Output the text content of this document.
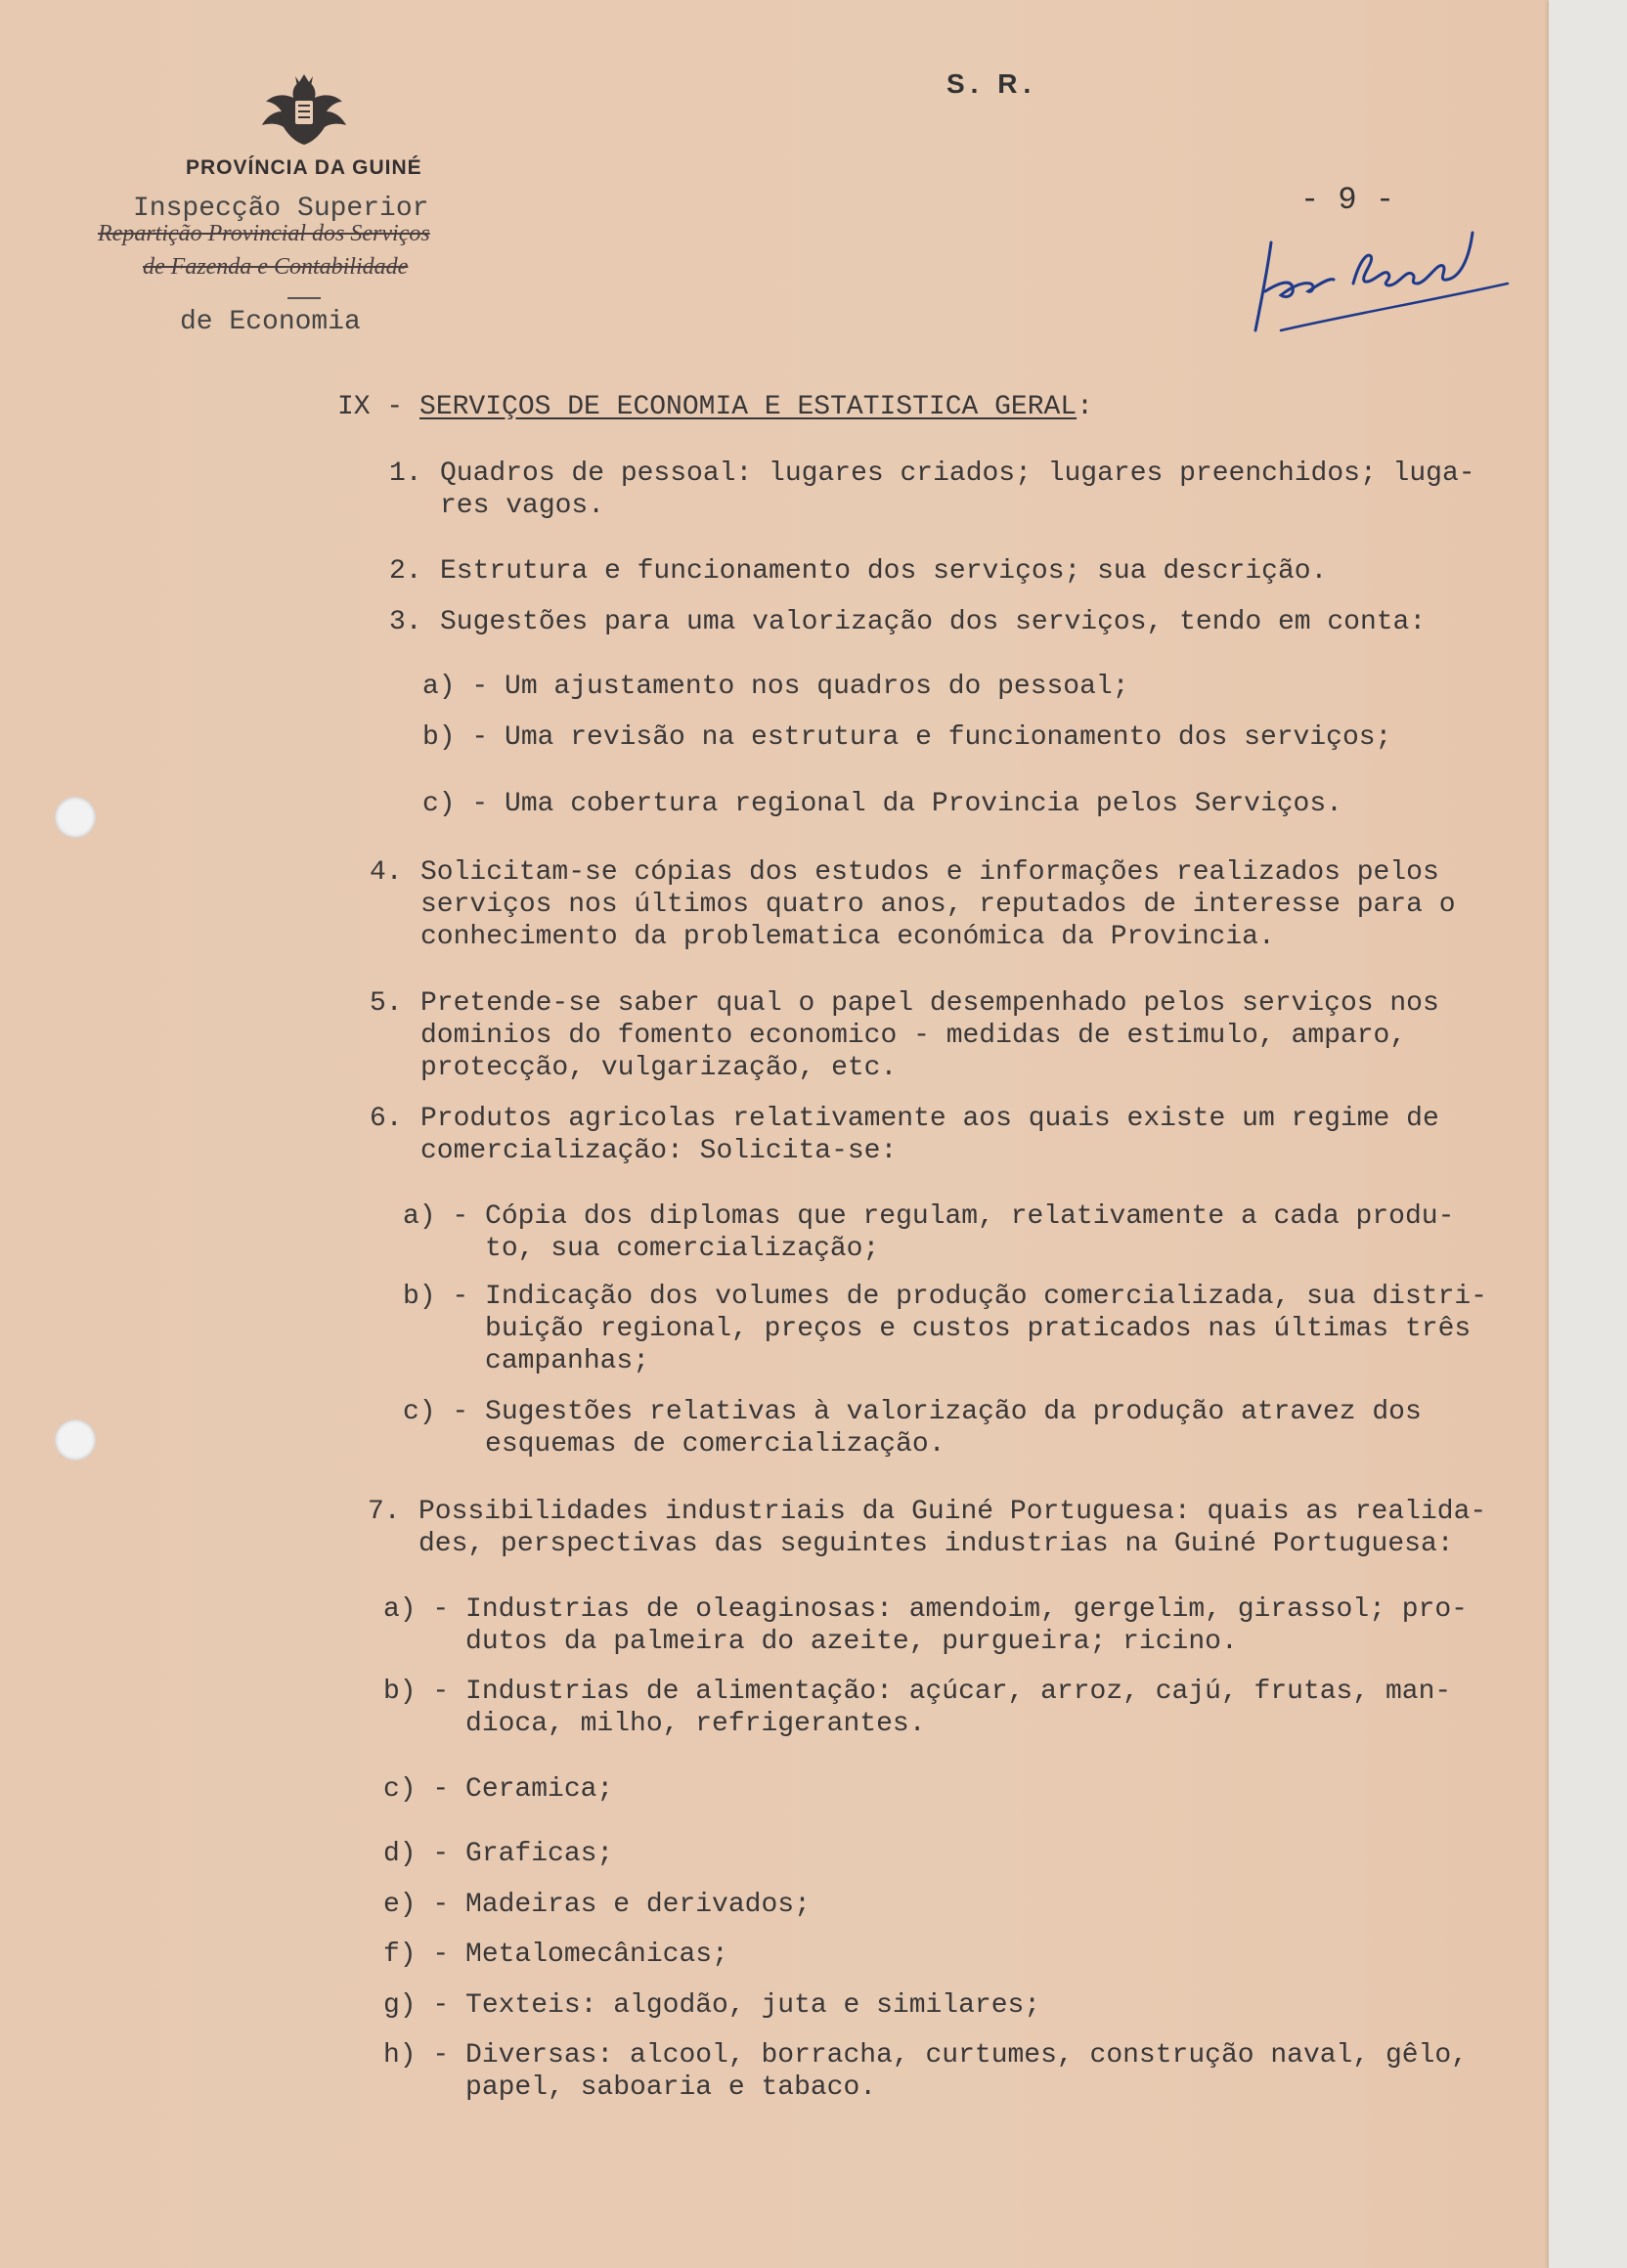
PROVÍNCIA DA GUINÉ
Inspecção Superior
Repartição Provincial dos Serviços
de Fazenda e Contabilidade
de Economia
S. R.
- 9 -
IX - SERVIÇOS DE ECONOMIA E ESTATISTICA GERAL:
1. Quadros de pessoal: lugares criados; lugares preenchidos; luga-
res vagos.
2. Estrutura e funcionamento dos serviços; sua descrição.
3. Sugestões para uma valorização dos serviços, tendo em conta:
a) - Um ajustamento nos quadros do pessoal;
b) - Uma revisão na estrutura e funcionamento dos serviços;
c) - Uma cobertura regional da Provincia pelos Serviços.
4. Solicitam-se cópias dos estudos e informações realizados pelos
serviços nos últimos quatro anos, reputados de interesse para o
conhecimento da problematica económica da Provincia.
5. Pretende-se saber qual o papel desempenhado pelos serviços nos
dominios do fomento economico - medidas de estimulo, amparo,
protecção, vulgarização, etc.
6. Produtos agricolas relativamente aos quais existe um regime de
comercialização: Solicita-se:
a) - Cópia dos diplomas que regulam, relativamente a cada produ-
to, sua comercialização;
b) - Indicação dos volumes de produção comercializada, sua distri-
buição regional, preços e custos praticados nas últimas três
campanhas;
c) - Sugestões relativas à valorização da produção atravez dos
esquemas de comercialização.
7. Possibilidades industriais da Guiné Portuguesa: quais as realida-
des, perspectivas das seguintes industrias na Guiné Portuguesa:
a) - Industrias de oleaginosas: amendoim, gergelim, girassol; pro-
dutos da palmeira do azeite, purgueira; ricino.
b) - Industrias de alimentação: açúcar, arroz, cajú, frutas, man-
dioca, milho, refrigerantes.
c) - Ceramica;
d) - Graficas;
e) - Madeiras e derivados;
f) - Metalomecânicas;
g) - Texteis: algodão, juta e similares;
h) - Diversas: alcool, borracha, curtumes, construção naval, gêlo,
papel, saboaria e tabaco.
